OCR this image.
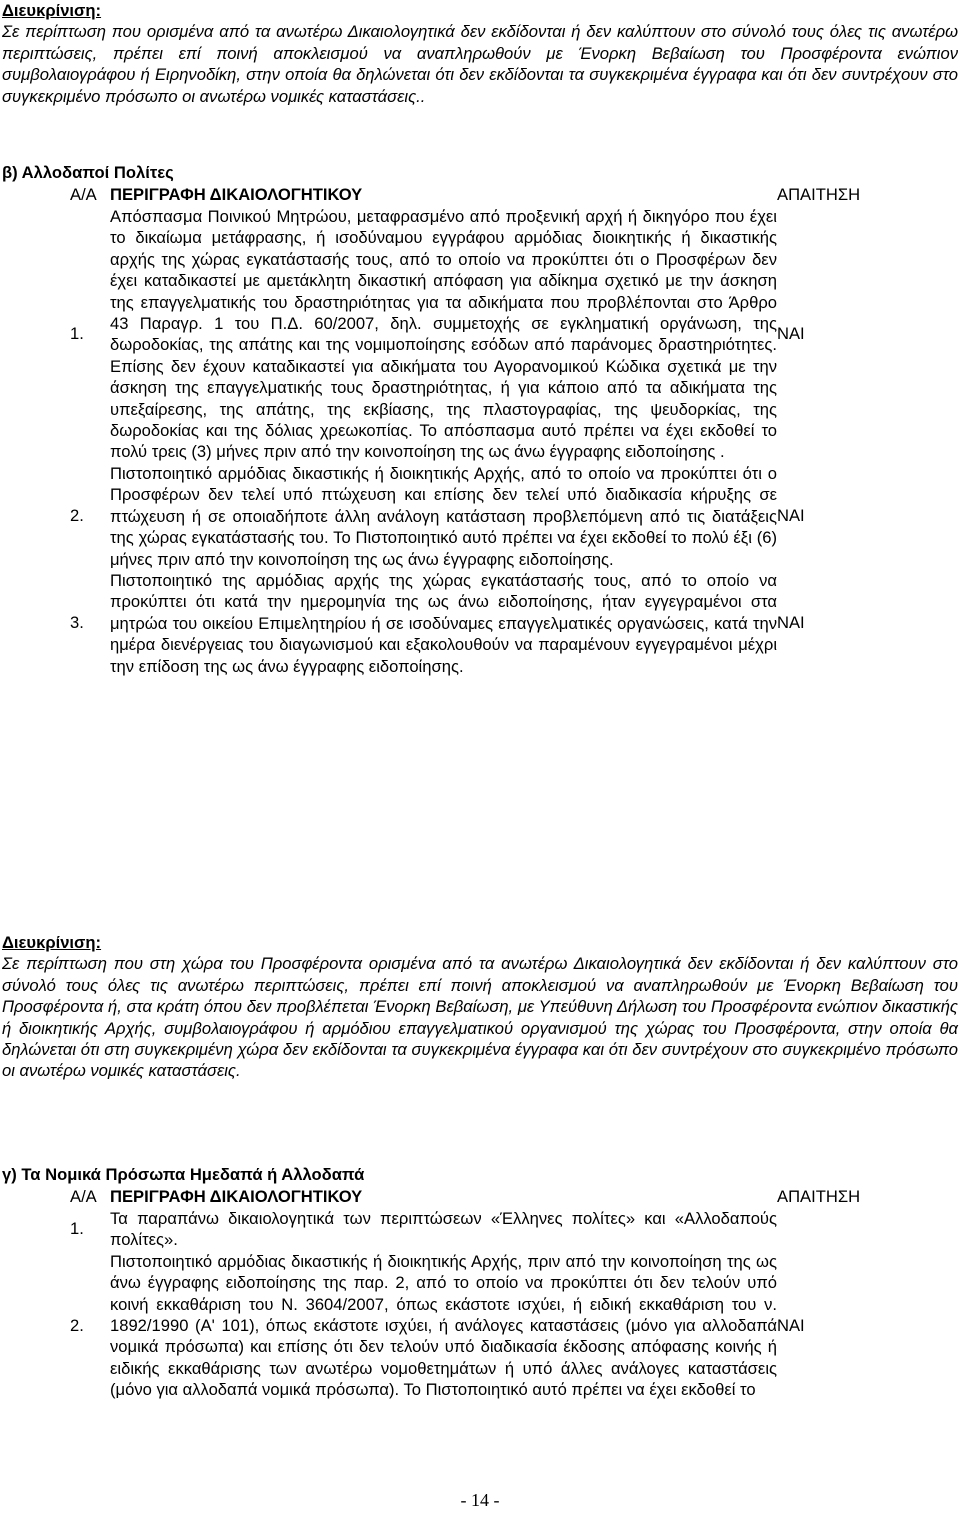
Διευκρίνιση:

Σε περίπτωση που ορισμένα από τα ανωτέρω Δικαιολογητικά δεν εκδίδονται ή δεν καλύπτουν στο σύνολό τους όλες τις ανωτέρω περιπτώσεις, πρέπει επί ποινή αποκλεισμού να αναπληρωθούν με Ένορκη Βεβαίωση του Προσφέροντα ενώπιον συμβολαιογράφου ή Ειρηνοδίκη, στην οποία θα δηλώνεται ότι δεν εκδίδονται τα συγκεκριμένα έγγραφα και ότι δεν συντρέχουν στο συγκεκριμένο πρόσωπο οι ανωτέρω νομικές καταστάσεις..

β) Αλλοδαποί Πολίτες

Α/Α	ΠΕΡΙΓΡΑΦΗ ΔΙΚΑΙΟΛΟΓΗΤΙΚΟΥ	ΑΠΑΙΤΗΣΗ
1.	Απόσπασμα Ποινικού Μητρώου, μεταφρασμένο από προξενική αρχή ή δικηγόρο που έχει το δικαίωμα μετάφρασης, ή ισοδύναμου εγγράφου αρμόδιας διοικητικής ή δικαστικής αρχής της χώρας εγκατάστασής τους, από το οποίο να προκύπτει ότι ο Προσφέρων δεν έχει καταδικαστεί με αμετάκλητη δικαστική απόφαση για αδίκημα σχετικό με την άσκηση της επαγγελματικής του δραστηριότητας για τα αδικήματα που προβλέπονται στο Άρθρο 43 Παραγρ. 1 του Π.Δ. 60/2007, δηλ. συμμετοχής σε εγκληματική οργάνωση, της δωροδοκίας, της απάτης και της νομιμοποίησης εσόδων από παράνομες δραστηριότητες. Επίσης δεν έχουν καταδικαστεί για αδικήματα του Αγορανομικού Κώδικα σχετικά με την άσκηση της επαγγελματικής τους δραστηριότητας, ή για κάποιο από τα αδικήματα της υπεξαίρεσης, της απάτης, της εκβίασης, της πλαστογραφίας, της ψευδορκίας, της δωροδοκίας και της δόλιας χρεωκοπίας. Το απόσπασμα αυτό πρέπει να έχει εκδοθεί το πολύ τρεις (3) μήνες πριν από την κοινοποίηση της ως άνω έγγραφης ειδοποίησης .	ΝΑΙ
2.	Πιστοποιητικό αρμόδιας δικαστικής ή διοικητικής Αρχής, από το οποίο να προκύπτει ότι ο Προσφέρων δεν τελεί υπό πτώχευση και επίσης δεν τελεί υπό διαδικασία κήρυξης σε πτώχευση ή σε οποιαδήποτε άλλη ανάλογη κατάσταση προβλεπόμενη από τις διατάξεις της χώρας εγκατάστασής του. Το Πιστοποιητικό αυτό πρέπει να έχει εκδοθεί το πολύ έξι (6) μήνες πριν από την κοινοποίηση της ως άνω έγγραφης ειδοποίησης.	ΝΑΙ
3.	Πιστοποιητικό της αρμόδιας αρχής της χώρας εγκατάστασής τους, από το οποίο να προκύπτει ότι κατά την ημερομηνία της ως άνω ειδοποίησης, ήταν εγγεγραμένοι στα μητρώα του οικείου Επιμελητηρίου ή σε ισοδύναμες επαγγελματικές οργανώσεις, κατά την ημέρα διενέργειας του διαγωνισμού και εξακολουθούν να παραμένουν εγγεγραμένοι μέχρι την επίδοση της ως άνω έγγραφης ειδοποίησης.	ΝΑΙ
Διευκρίνιση:

Σε περίπτωση που στη χώρα του Προσφέροντα ορισμένα από τα ανωτέρω Δικαιολογητικά δεν εκδίδονται ή δεν καλύπτουν στο σύνολό τους όλες τις ανωτέρω περιπτώσεις, πρέπει επί ποινή αποκλεισμού να αναπληρωθούν με Ένορκη Βεβαίωση του Προσφέροντα ή, στα κράτη όπου δεν προβλέπεται Ένορκη Βεβαίωση, με Υπεύθυνη Δήλωση του Προσφέροντα ενώπιον δικαστικής ή διοικητικής Αρχής, συμβολαιογράφου ή αρμόδιου επαγγελματικού οργανισμού της χώρας του Προσφέροντα, στην οποία θα δηλώνεται ότι στη συγκεκριμένη χώρα δεν εκδίδονται τα συγκεκριμένα έγγραφα και ότι δεν συντρέχουν στο συγκεκριμένο πρόσωπο οι ανωτέρω νομικές καταστάσεις.

γ) Τα Νομικά Πρόσωπα Ημεδαπά ή Αλλοδαπά

Α/Α	ΠΕΡΙΓΡΑΦΗ ΔΙΚΑΙΟΛΟΓΗΤΙΚΟΥ	ΑΠΑΙΤΗΣΗ
1.	Τα παραπάνω δικαιολογητικά των περιπτώσεων «Έλληνες πολίτες» και «Αλλοδαπούς πολίτες».	
2.	Πιστοποιητικό αρμόδιας δικαστικής ή διοικητικής Αρχής, πριν από την κοινοποίηση της ως άνω έγγραφης ειδοποίησης της παρ. 2, από το οποίο να προκύπτει ότι δεν τελούν υπό κοινή εκκαθάριση του Ν. 3604/2007, όπως εκάστοτε ισχύει, ή ειδική εκκαθάριση του ν. 1892/1990 (Α' 101), όπως εκάστοτε ισχύει, ή ανάλογες καταστάσεις (μόνο για αλλοδαπά νομικά πρόσωπα) και επίσης ότι δεν τελούν υπό διαδικασία έκδοσης απόφασης κοινής ή ειδικής εκκαθάρισης των ανωτέρω νομοθετημάτων ή υπό άλλες ανάλογες καταστάσεις (μόνο για αλλοδαπά νομικά πρόσωπα). Το Πιστοποιητικό αυτό πρέπει να έχει εκδοθεί το	ΝΑΙ
- 14 -
